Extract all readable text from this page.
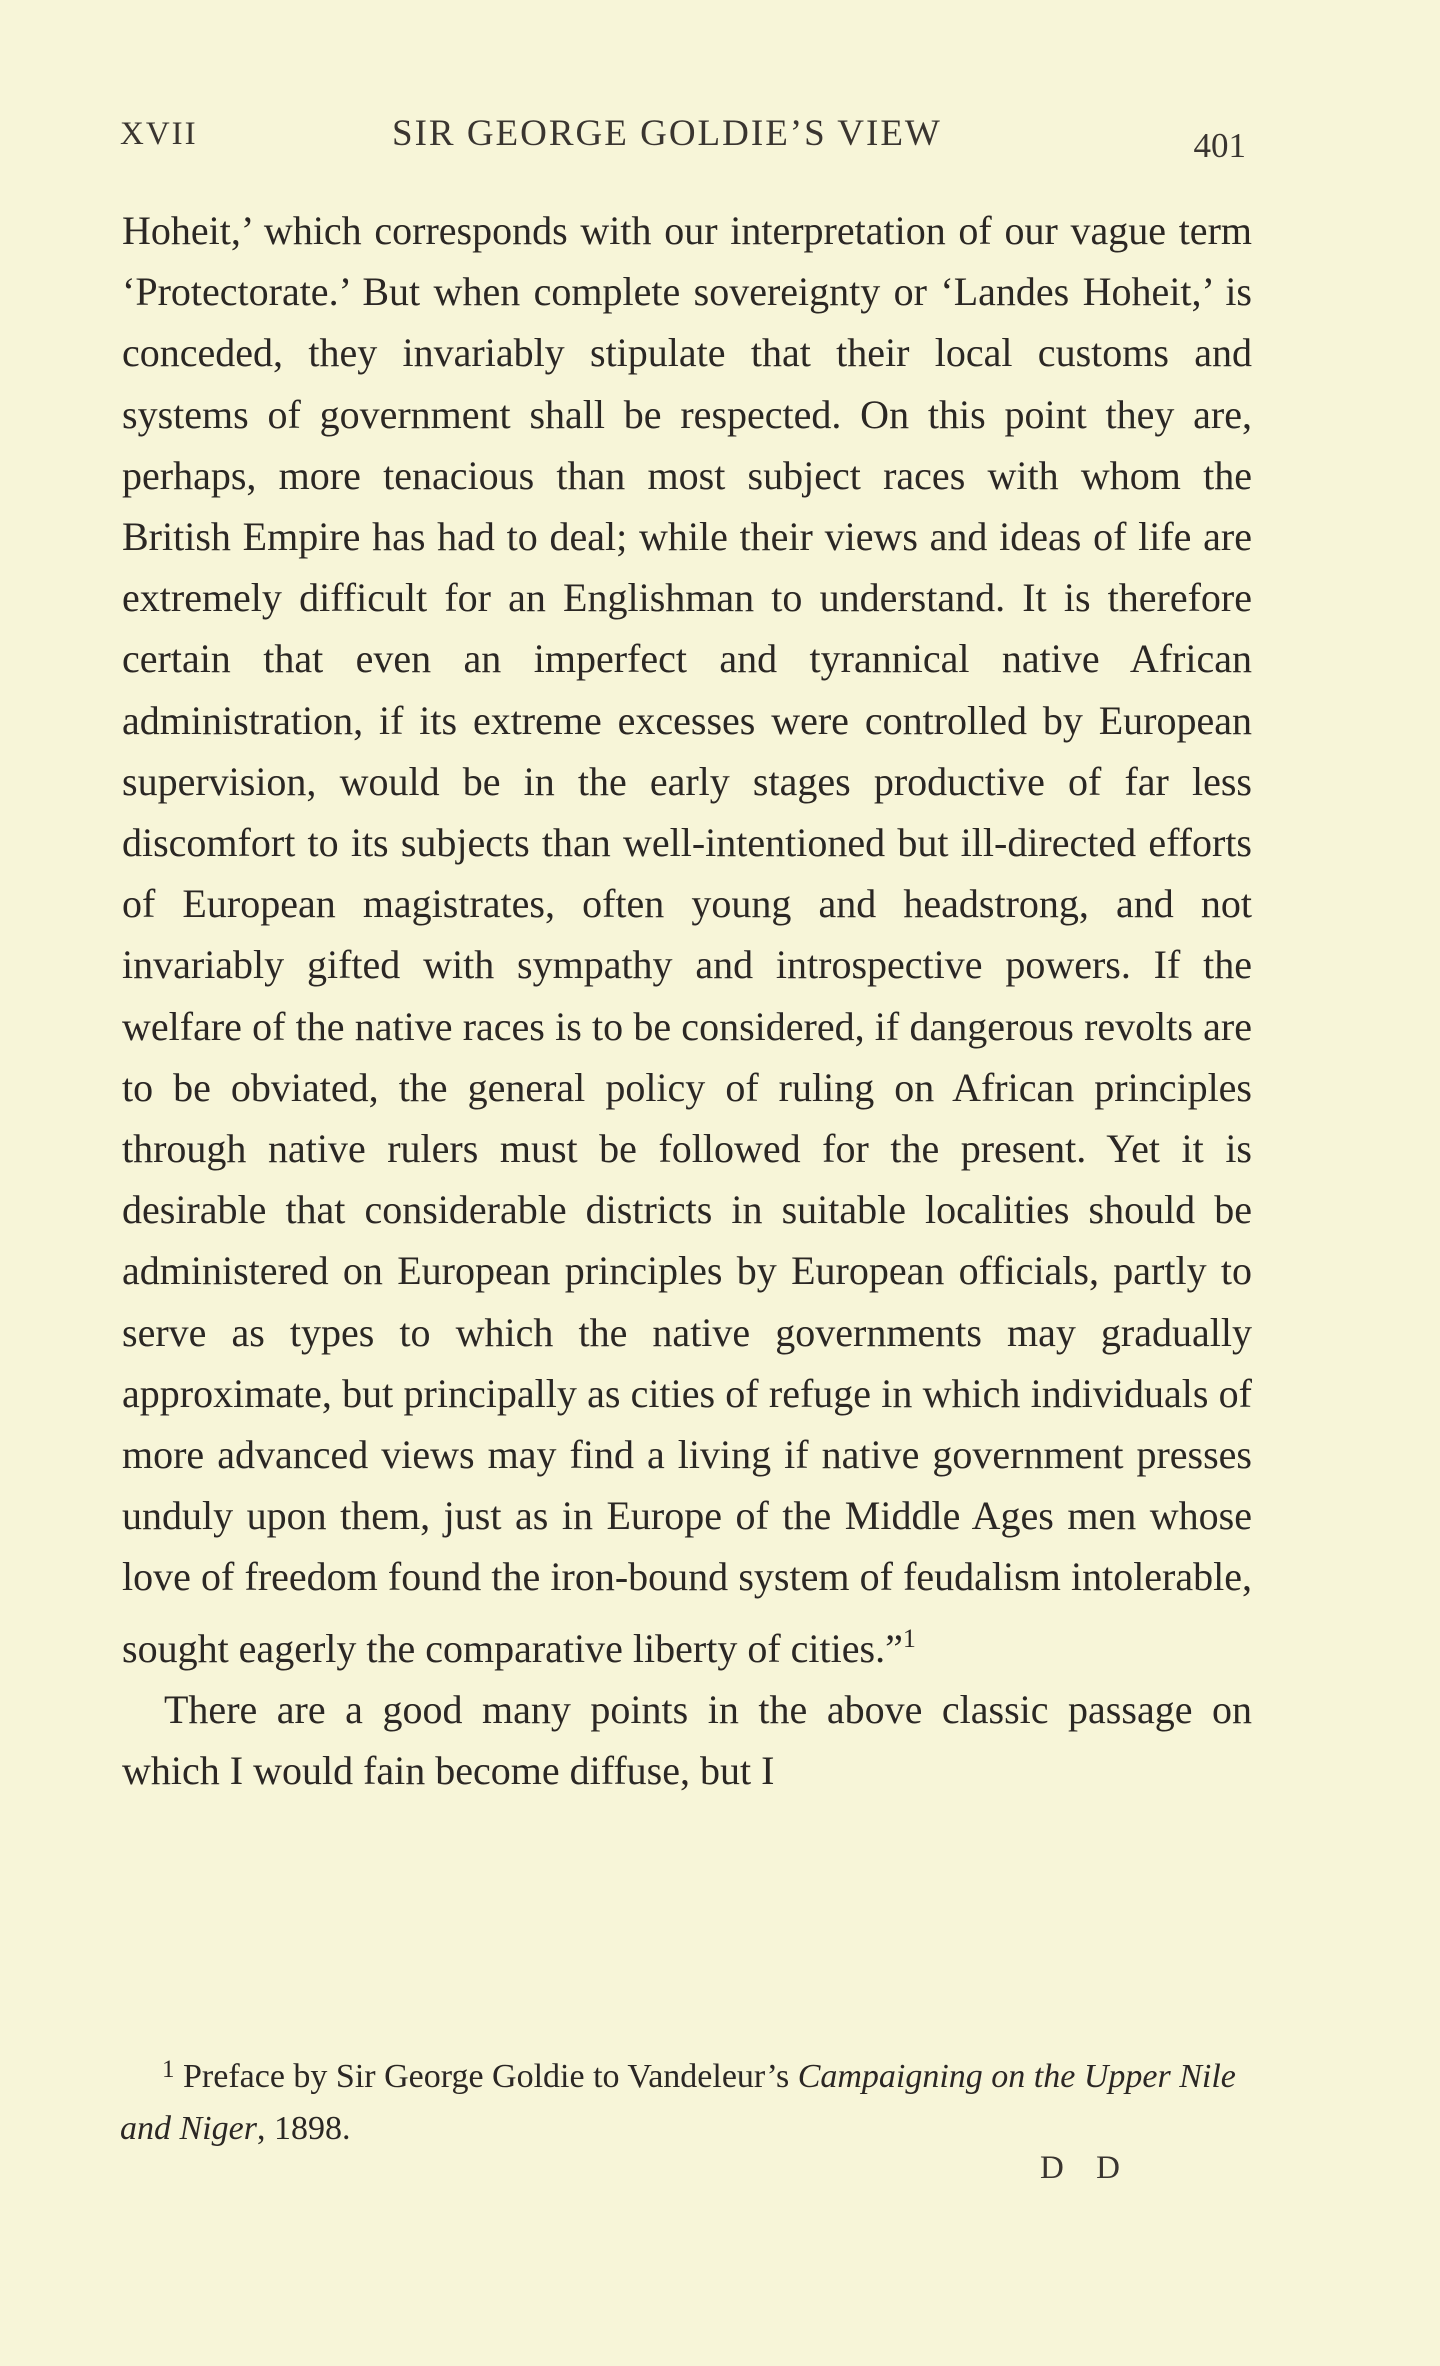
XVII	SIR GEORGE GOLDIE’S VIEW	401

Hoheit,’ which corresponds with our interpretation of our vague term ‘Protectorate.’ But when complete sovereignty or ‘Landes Hoheit,’ is conceded, they invariably stipulate that their local customs and systems of government shall be respected. On this point they are, perhaps, more tenacious than most subject races with whom the British Empire has had to deal; while their views and ideas of life are extremely difficult for an Englishman to understand. It is therefore certain that even an imperfect and tyrannical native African administration, if its extreme excesses were controlled by European supervision, would be in the early stages productive of far less discomfort to its subjects than well-intentioned but ill-directed efforts of European magistrates, often young and headstrong, and not invariably gifted with sympathy and introspective powers. If the welfare of the native races is to be considered, if dangerous revolts are to be obviated, the general policy of ruling on African principles through native rulers must be followed for the present. Yet it is desirable that considerable districts in suitable localities should be administered on European principles by European officials, partly to serve as types to which the native governments may gradually approximate, but principally as cities of refuge in which individuals of more advanced views may find a living if native government presses unduly upon them, just as in Europe of the Middle Ages men whose love of freedom found the iron-bound system of feudalism intolerable, sought eagerly the comparative liberty of cities.”$^1$

There are a good many points in the above classic passage on which I would fain become diffuse, but I

$^1$ Preface by Sir George Goldie to Vandeleur’s Campaigning on the Upper Nile and Niger, 1898.

D D
